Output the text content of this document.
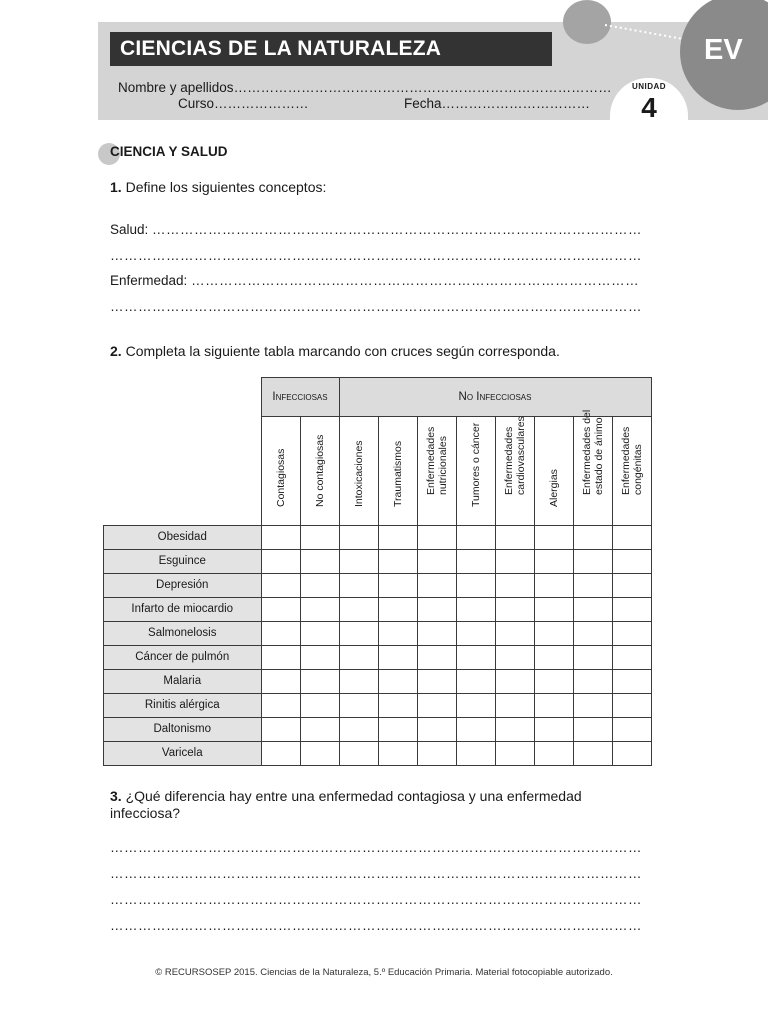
EV
CIENCIAS DE LA NATURALEZA
Nombre y apellidos…………………………………………………………………………
Curso…………………	Fecha……………………………
UNIDAD
4
CIENCIA Y SALUD
1. Define los siguientes conceptos:
Salud: ……………………………………………………………………………………………
……………………………………………………………………………………………………
Enfermedad: ……………………………………………………………………………………
……………………………………………………………………………………………………
2. Completa la siguiente tabla marcando con cruces según corresponda.
	Infecciosas		No Infecciosas							

	Contagiosas	No contagiosas	Intoxicaciones	Traumatismos	Enfermedades nutricionales	Tumores o cáncer	Enfermedades cardiovasculares	Alergias	Enfermedades del estado de ánimo	Enfermedades congénitas

Obesidad										

Esguince										

Depresión										

Infarto de miocardio										

Salmonelosis										

Cáncer de pulmón										

Malaria										

Rinitis alérgica										

Daltonismo										

Varicela										

3. ¿Qué diferencia hay entre una enfermedad contagiosa y una enfermedad infecciosa?
……………………………………………………………………………………………………
……………………………………………………………………………………………………
……………………………………………………………………………………………………
……………………………………………………………………………………………………
© RECURSOSEP 2015. Ciencias de la Naturaleza, 5.º Educación Primaria. Material fotocopiable autorizado.
